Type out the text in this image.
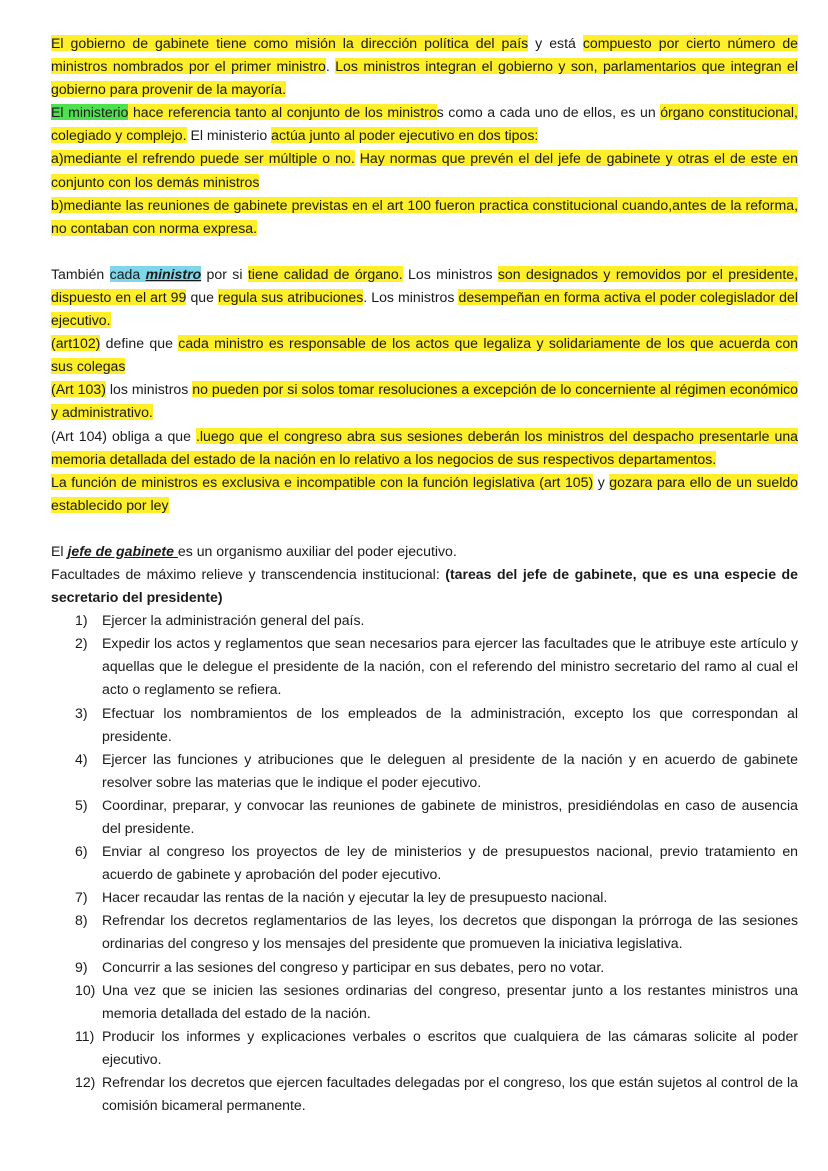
El gobierno de gabinete tiene como misión la dirección política del país y está compuesto por cierto número de ministros nombrados por el primer ministro. Los ministros integran el gobierno y son, parlamentarios que integran el gobierno para provenir de la mayoría.

El ministerio hace referencia tanto al conjunto de los ministros como a cada uno de ellos, es un órgano constitucional, colegiado y complejo. El ministerio actúa junto al poder ejecutivo en dos tipos:

a)mediante el refrendo puede ser múltiple o no. Hay normas que prevén el del jefe de gabinete y otras el de este en conjunto con los demás ministros

b)mediante las reuniones de gabinete previstas en el art 100 fueron practica constitucional cuando,antes de la reforma, no contaban con norma expresa.

También cada ministro por si tiene calidad de órgano. Los ministros son designados y removidos por el presidente, dispuesto en el art 99 que regula sus atribuciones. Los ministros desempeñan en forma activa el poder colegislador del ejecutivo.

(art102) define que cada ministro es responsable de los actos que legaliza y solidariamente de los que acuerda con sus colegas

(Art 103) los ministros no pueden por si solos tomar resoluciones a excepción de lo concerniente al régimen económico y administrativo.

(Art 104) obliga a que .luego que el congreso abra sus sesiones deberán los ministros del despacho presentarle una memoria detallada del estado de la nación en lo relativo a los negocios de sus respectivos departamentos.

La función de ministros es exclusiva e incompatible con la función legislativa (art 105) y gozara para ello de un sueldo establecido por ley

El jefe de gabinete es un organismo auxiliar del poder ejecutivo.

Facultades de máximo relieve y transcendencia institucional: (tareas del jefe de gabinete, que es una especie de secretario del presidente)

1) Ejercer la administración general del país.
2) Expedir los actos y reglamentos que sean necesarios para ejercer las facultades que le atribuye este artículo y aquellas que le delegue el presidente de la nación, con el referendo del ministro secretario del ramo al cual el acto o reglamento se refiera.
3) Efectuar los nombramientos de los empleados de la administración, excepto los que correspondan al presidente.
4) Ejercer las funciones y atribuciones que le deleguen al presidente de la nación y en acuerdo de gabinete resolver sobre las materias que le indique el poder ejecutivo.
5) Coordinar, preparar, y convocar las reuniones de gabinete de ministros, presidiéndolas en caso de ausencia del presidente.
6) Enviar al congreso los proyectos de ley de ministerios y de presupuestos nacional, previo tratamiento en acuerdo de gabinete y aprobación del poder ejecutivo.
7) Hacer recaudar las rentas de la nación y ejecutar la ley de presupuesto nacional.
8) Refrendar los decretos reglamentarios de las leyes, los decretos que dispongan la prórroga de las sesiones ordinarias del congreso y los mensajes del presidente que promueven la iniciativa legislativa.
9) Concurrir a las sesiones del congreso y participar en sus debates, pero no votar.
10) Una vez que se inicien las sesiones ordinarias del congreso, presentar junto a los restantes ministros una memoria detallada del estado de la nación.
11) Producir los informes y explicaciones verbales o escritos que cualquiera de las cámaras solicite al poder ejecutivo.
12) Refrendar los decretos que ejercen facultades delegadas por el congreso, los que están sujetos al control de la comisión bicameral permanente.
